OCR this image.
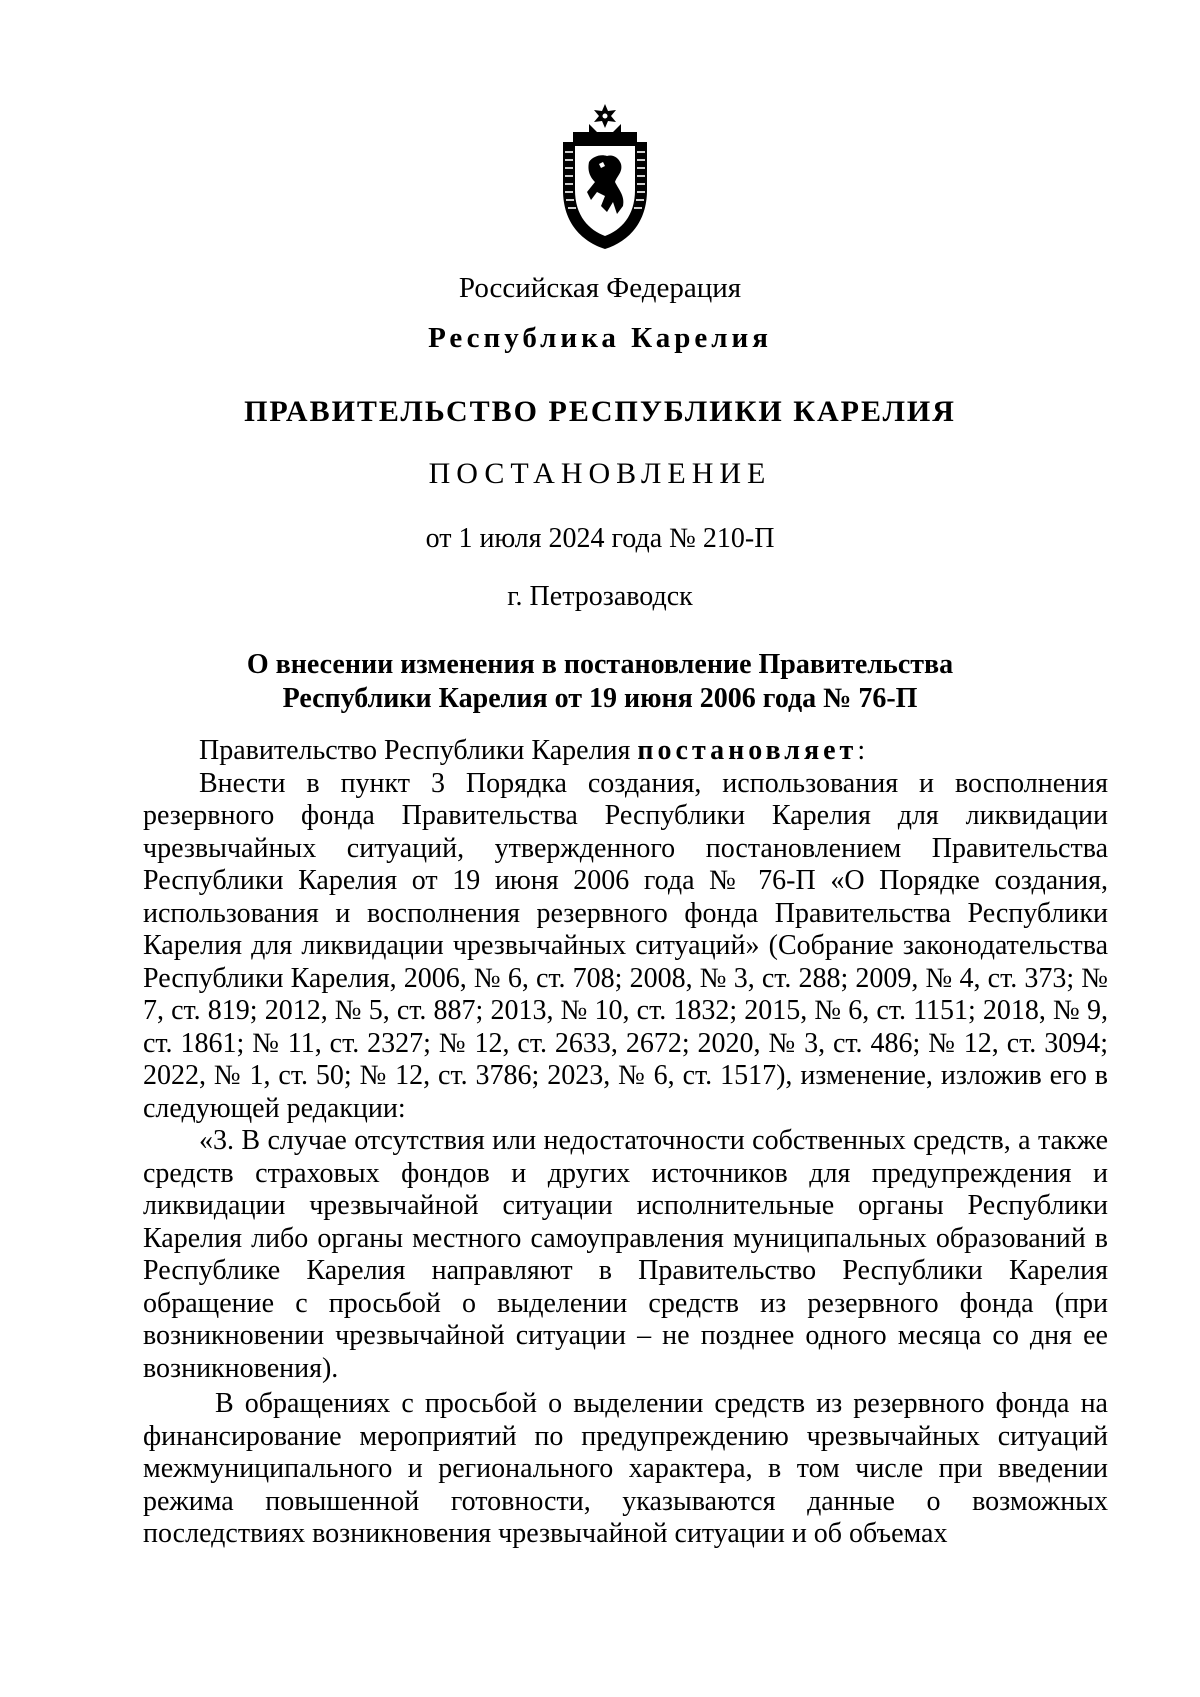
Российская Федерация
Республика Карелия
ПРАВИТЕЛЬСТВО РЕСПУБЛИКИ КАРЕЛИЯ
ПОСТАНОВЛЕНИЕ
от 1 июля 2024 года № 210-П
г. Петрозаводск
О внесении изменения в постановление Правительства
Республики Карелия от 19 июня 2006 года № 76-П

Правительство Республики Карелия постановляет:

Внести в пункт 3 Порядка создания, использования и восполнения резервного фонда Правительства Республики Карелия для ликвидации чрезвычайных ситуаций, утвержденного постановлением Правительства Республики Карелия от 19 июня 2006 года № 76-П «О Порядке создания, использования и восполнения резервного фонда Правительства Республики Карелия для ликвидации чрезвычайных ситуаций» (Собрание законодательства Республики Карелия, 2006, № 6, ст. 708; 2008, № 3, ст. 288; 2009, № 4, ст. 373; № 7, ст. 819; 2012, № 5, ст. 887; 2013, № 10, ст. 1832; 2015, № 6, ст. 1151; 2018, № 9, ст. 1861; № 11, ст. 2327; № 12, ст. 2633, 2672; 2020, № 3, ст. 486; № 12, ст. 3094; 2022, № 1, ст. 50; № 12, ст. 3786; 2023, № 6, ст. 1517), изменение, изложив его в следующей редакции:

«3. В случае отсутствия или недостаточности собственных средств, а также средств страховых фондов и других источников для предупреждения и ликвидации чрезвычайной ситуации исполнительные органы Республики Карелия либо органы местного самоуправления муниципальных образований в Республике Карелия направляют в Правительство Республики Карелия обращение с просьбой о выделении средств из резервного фонда (при возникновении чрезвычайной ситуации – не позднее одного месяца со дня ее возникновения).

В обращениях с просьбой о выделении средств из резервного фонда на финансирование мероприятий по предупреждению чрезвычайных ситуаций межмуниципального и регионального характера, в том числе при введении режима повышенной готовности, указываются данные о возможных последствиях возникновения чрезвычайной ситуации и об объемах
